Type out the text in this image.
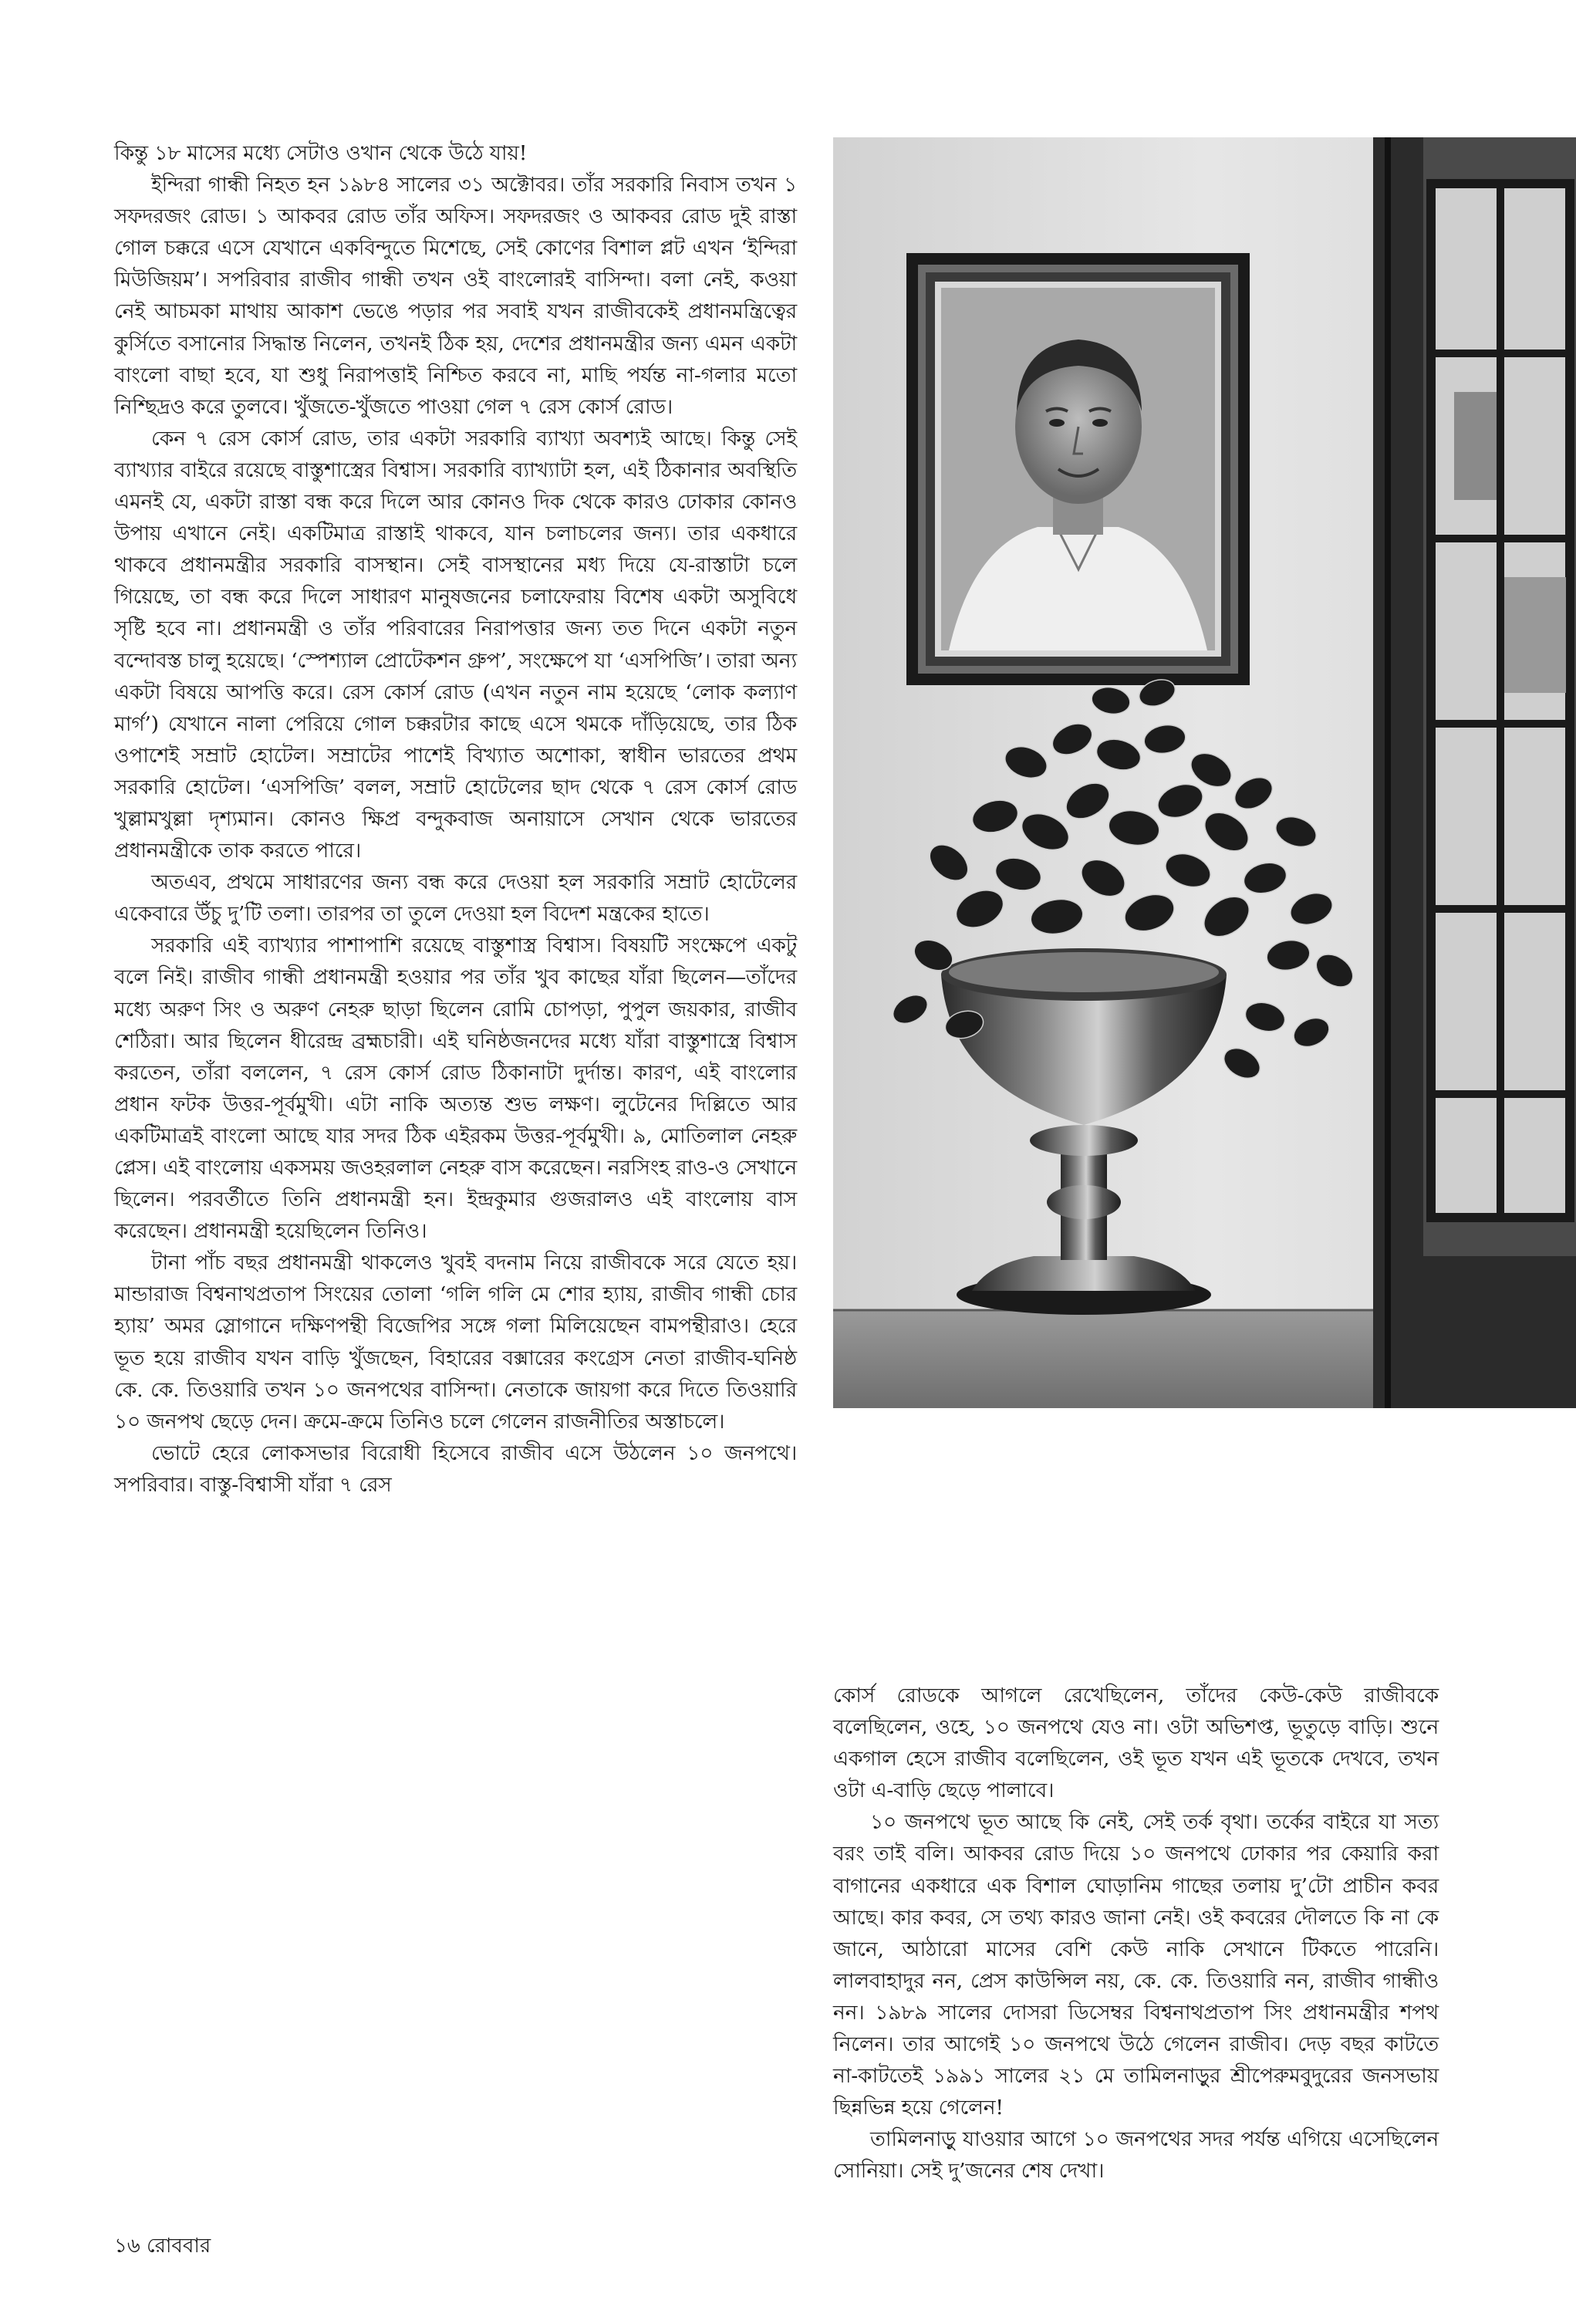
কিন্তু ১৮ মাসের মধ্যে সেটাও ওখান থেকে উঠে যায়!

ইন্দিরা গান্ধী নিহত হন ১৯৮৪ সালের ৩১ অক্টোবর। তাঁর সরকারি নিবাস তখন ১ সফদরজং রোড। ১ আকবর রোড তাঁর অফিস। সফদরজং ও আকবর রোড দুই রাস্তা গোল চক্করে এসে যেখানে একবিন্দুতে মিশেছে, সেই কোণের বিশাল প্লট এখন ‘ইন্দিরা মিউজিয়ম’। সপরিবার রাজীব গান্ধী তখন ওই বাংলোরই বাসিন্দা। বলা নেই, কওয়া নেই আচমকা মাথায় আকাশ ভেঙে পড়ার পর সবাই যখন রাজীবকেই প্রধানমন্ত্রিত্বের কুর্সিতে বসানোর সিদ্ধান্ত নিলেন, তখনই ঠিক হয়, দেশের প্রধানমন্ত্রীর জন্য এমন একটা বাংলো বাছা হবে, যা শুধু নিরাপত্তাই নিশ্চিত করবে না, মাছি পর্যন্ত না-গলার মতো নিশ্ছিদ্রও করে তুলবে। খুঁজতে-খুঁজতে পাওয়া গেল ৭ রেস কোর্স রোড।

কেন ৭ রেস কোর্স রোড, তার একটা সরকারি ব্যাখ্যা অবশ্যই আছে। কিন্তু সেই ব্যাখ্যার বাইরে রয়েছে বাস্তুশাস্ত্রের বিশ্বাস। সরকারি ব্যাখ্যাটা হল, এই ঠিকানার অবস্থিতি এমনই যে, একটা রাস্তা বন্ধ করে দিলে আর কোনও দিক থেকে কারও ঢোকার কোনও উপায় এখানে নেই। একটিমাত্র রাস্তাই থাকবে, যান চলাচলের জন্য। তার একধারে থাকবে প্রধানমন্ত্রীর সরকারি বাসস্থান। সেই বাসস্থানের মধ্য দিয়ে যে-রাস্তাটা চলে গিয়েছে, তা বন্ধ করে দিলে সাধারণ মানুষজনের চলাফেরায় বিশেষ একটা অসুবিধে সৃষ্টি হবে না। প্রধানমন্ত্রী ও তাঁর পরিবারের নিরাপত্তার জন্য তত দিনে একটা নতুন বন্দোবস্ত চালু হয়েছে। ‘স্পেশ্যাল প্রোটেকশন গ্রুপ’, সংক্ষেপে যা ‘এসপিজি’। তারা অন্য একটা বিষয়ে আপত্তি করে। রেস কোর্স রোড (এখন নতুন নাম হয়েছে ‘লোক কল্যাণ মার্গ’) যেখানে নালা পেরিয়ে গোল চক্করটার কাছে এসে থমকে দাঁড়িয়েছে, তার ঠিক ওপাশেই সম্রাট হোটেল। সম্রাটের পাশেই বিখ্যাত অশোকা, স্বাধীন ভারতের প্রথম সরকারি হোটেল। ‘এসপিজি’ বলল, সম্রাট হোটেলের ছাদ থেকে ৭ রেস কোর্স রোড খুল্লামখুল্লা দৃশ্যমান। কোনও ক্ষিপ্র বন্দুকবাজ অনায়াসে সেখান থেকে ভারতের প্রধানমন্ত্রীকে তাক করতে পারে।

অতএব, প্রথমে সাধারণের জন্য বন্ধ করে দেওয়া হল সরকারি সম্রাট হোটেলের একেবারে উঁচু দু’টি তলা। তারপর তা তুলে দেওয়া হল বিদেশ মন্ত্রকের হাতে।

সরকারি এই ব্যাখ্যার পাশাপাশি রয়েছে বাস্তুশাস্ত্র বিশ্বাস। বিষয়টি সংক্ষেপে একটু বলে নিই। রাজীব গান্ধী প্রধানমন্ত্রী হওয়ার পর তাঁর খুব কাছের যাঁরা ছিলেন—তাঁদের মধ্যে অরুণ সিং ও অরুণ নেহরু ছাড়া ছিলেন রোমি চোপড়া, পুপুল জয়কার, রাজীব শেঠিরা। আর ছিলেন ধীরেন্দ্র ব্রহ্মচারী। এই ঘনিষ্ঠজনদের মধ্যে যাঁরা বাস্তুশাস্ত্রে বিশ্বাস করতেন, তাঁরা বললেন, ৭ রেস কোর্স রোড ঠিকানাটা দুর্দান্ত। কারণ, এই বাংলোর প্রধান ফটক উত্তর-পূর্বমুখী। এটা নাকি অত্যন্ত শুভ লক্ষণ। লুটেনের দিল্লিতে আর একটিমাত্রই বাংলো আছে যার সদর ঠিক এইরকম উত্তর-পূর্বমুখী। ৯, মোতিলাল নেহরু প্লেস। এই বাংলোয় একসময় জওহরলাল নেহরু বাস করেছেন। নরসিংহ রাও-ও সেখানে ছিলেন। পরবর্তীতে তিনি প্রধানমন্ত্রী হন। ইন্দ্রকুমার গুজরালও এই বাংলোয় বাস করেছেন। প্রধানমন্ত্রী হয়েছিলেন তিনিও।

টানা পাঁচ বছর প্রধানমন্ত্রী থাকলেও খুবই বদনাম নিয়ে রাজীবকে সরে যেতে হয়। মান্ডারাজ বিশ্বনাথপ্রতাপ সিংয়ের তোলা ‘গলি গলি মে শোর হ্যায়, রাজীব গান্ধী চোর হ্যায়’ অমর স্লোগানে দক্ষিণপন্থী বিজেপির সঙ্গে গলা মিলিয়েছেন বামপন্থীরাও। হেরে ভূত হয়ে রাজীব যখন বাড়ি খুঁজছেন, বিহারের বক্সারের কংগ্রেস নেতা রাজীব-ঘনিষ্ঠ কে. কে. তিওয়ারি তখন ১০ জনপথের বাসিন্দা। নেতাকে জায়গা করে দিতে তিওয়ারি ১০ জনপথ ছেড়ে দেন। ক্রমে-ক্রমে তিনিও চলে গেলেন রাজনীতির অস্তাচলে।

ভোটে হেরে লোকসভার বিরোধী হিসেবে রাজীব এসে উঠলেন ১০ জনপথে। সপরিবার। বাস্তু-বিশ্বাসী যাঁরা ৭ রেস

কোর্স রোডকে আগলে রেখেছিলেন, তাঁদের কেউ-কেউ রাজীবকে বলেছিলেন, ওহে, ১০ জনপথে যেও না। ওটা অভিশপ্ত, ভূতুড়ে বাড়ি। শুনে একগাল হেসে রাজীব বলেছিলেন, ওই ভূত যখন এই ভূতকে দেখবে, তখন ওটা এ-বাড়ি ছেড়ে পালাবে।

১০ জনপথে ভূত আছে কি নেই, সেই তর্ক বৃথা। তর্কের বাইরে যা সত্য বরং তাই বলি। আকবর রোড দিয়ে ১০ জনপথে ঢোকার পর কেয়ারি করা বাগানের একধারে এক বিশাল ঘোড়ানিম গাছের তলায় দু’টো প্রাচীন কবর আছে। কার কবর, সে তথ্য কারও জানা নেই। ওই কবরের দৌলতে কি না কে জানে, আঠারো মাসের বেশি কেউ নাকি সেখানে টিকতে পারেনি। লালবাহাদুর নন, প্রেস কাউন্সিল নয়, কে. কে. তিওয়ারি নন, রাজীব গান্ধীও নন। ১৯৮৯ সালের দোসরা ডিসেম্বর বিশ্বনাথপ্রতাপ সিং প্রধানমন্ত্রীর শপথ নিলেন। তার আগেই ১০ জনপথে উঠে গেলেন রাজীব। দেড় বছর কাটতে না-কাটতেই ১৯৯১ সালের ২১ মে তামিলনাড়ুর শ্রীপেরুমবুদুরের জনসভায় ছিন্নভিন্ন হয়ে গেলেন!

তামিলনাড়ু যাওয়ার আগে ১০ জনপথের সদর পর্যন্ত এগিয়ে এসেছিলেন সোনিয়া। সেই দু’জনের শেষ দেখা।

১৬ রোববার
